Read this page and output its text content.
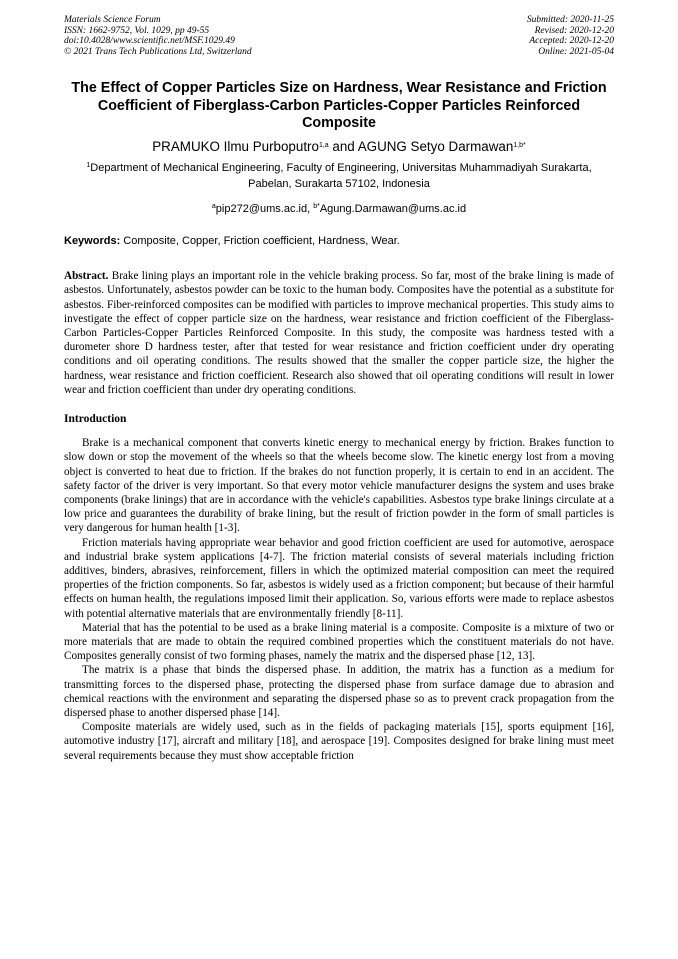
Materials Science Forum
ISSN: 1662-9752, Vol. 1029, pp 49-55
doi:10.4028/www.scientific.net/MSF.1029.49
© 2021 Trans Tech Publications Ltd, Switzerland
Submitted: 2020-11-25
Revised: 2020-12-20
Accepted: 2020-12-20
Online: 2021-05-04
The Effect of Copper Particles Size on Hardness, Wear Resistance and Friction Coefficient of Fiberglass-Carbon Particles-Copper Particles Reinforced Composite
PRAMUKO Ilmu Purboputro$^{1,a}$ and AGUNG Setyo Darmawan$^{1,b*}$
$^1$Department of Mechanical Engineering, Faculty of Engineering, Universitas Muhammadiyah Surakarta, Pabelan, Surakarta 57102, Indonesia
$^a$pip272@ums.ac.id, $^{b*}$Agung.Darmawan@ums.ac.id
Keywords: Composite, Copper, Friction coefficient, Hardness, Wear.
Abstract. Brake lining plays an important role in the vehicle braking process. So far, most of the brake lining is made of asbestos. Unfortunately, asbestos powder can be toxic to the human body. Composites have the potential as a substitute for asbestos. Fiber-reinforced composites can be modified with particles to improve mechanical properties. This study aims to investigate the effect of copper particle size on the hardness, wear resistance and friction coefficient of the Fiberglass-Carbon Particles-Copper Particles Reinforced Composite. In this study, the composite was hardness tested with a durometer shore D hardness tester, after that tested for wear resistance and friction coefficient under dry operating conditions and oil operating conditions. The results showed that the smaller the copper particle size, the higher the hardness, wear resistance and friction coefficient. Research also showed that oil operating conditions will result in lower wear and friction coefficient than under dry operating conditions.
Introduction

Brake is a mechanical component that converts kinetic energy to mechanical energy by friction. Brakes function to slow down or stop the movement of the wheels so that the wheels become slow. The kinetic energy lost from a moving object is converted to heat due to friction. If the brakes do not function properly, it is certain to end in an accident. The safety factor of the driver is very important. So that every motor vehicle manufacturer designs the system and uses brake components (brake linings) that are in accordance with the vehicle's capabilities. Asbestos type brake linings circulate at a low price and guarantees the durability of brake lining, but the result of friction powder in the form of small particles is very dangerous for human health [1-3].

Friction materials having appropriate wear behavior and good friction coefficient are used for automotive, aerospace and industrial brake system applications [4-7]. The friction material consists of several materials including friction additives, binders, abrasives, reinforcement, fillers in which the optimized material composition can meet the required properties of the friction components. So far, asbestos is widely used as a friction component; but because of their harmful effects on human health, the regulations imposed limit their application. So, various efforts were made to replace asbestos with potential alternative materials that are environmentally friendly [8-11].

Material that has the potential to be used as a brake lining material is a composite. Composite is a mixture of two or more materials that are made to obtain the required combined properties which the constituent materials do not have. Composites generally consist of two forming phases, namely the matrix and the dispersed phase [12, 13].

The matrix is a phase that binds the dispersed phase. In addition, the matrix has a function as a medium for transmitting forces to the dispersed phase, protecting the dispersed phase from surface damage due to abrasion and chemical reactions with the environment and separating the dispersed phase so as to prevent crack propagation from the dispersed phase to another dispersed phase [14].

Composite materials are widely used, such as in the fields of packaging materials [15], sports equipment [16], automotive industry [17], aircraft and military [18], and aerospace [19]. Composites designed for brake lining must meet several requirements because they must show acceptable friction
